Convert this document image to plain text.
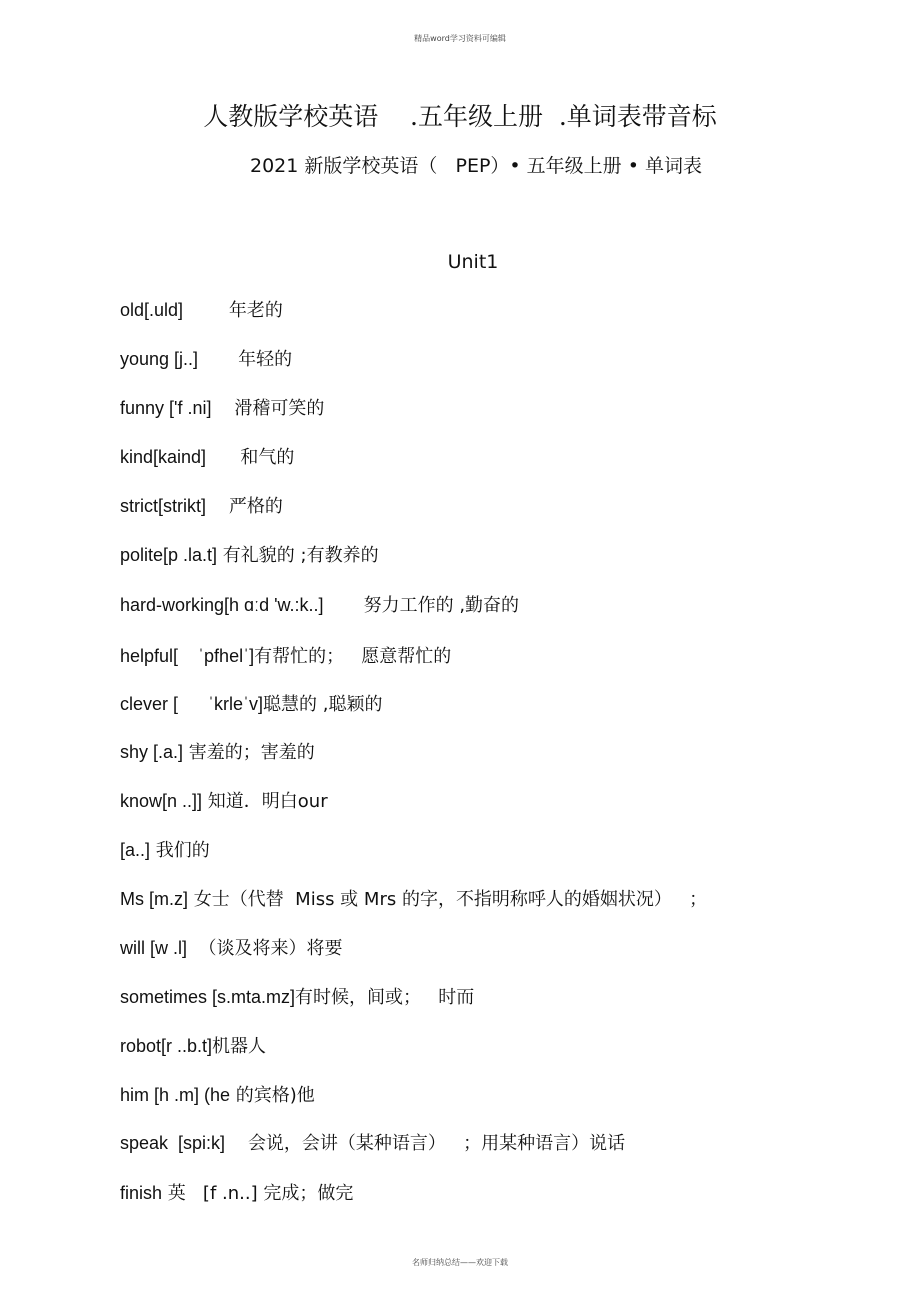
精品word学习资料可编辑
人教版学校英语    .五年级上册  .单词表带音标
2021 新版学校英语（   PEP）• 五年级上册 • 单词表
Unit1
old[.uld]	年老的
young [j..] 年轻的
funny ['f .ni] 滑稽可笑的
kind[kaind] 和气的
strict[strikt] 严格的
polite[p .la.t] 有礼貌的 ;有教养的
hard-working[h ɑːd 'w.:k..] 努力工作的 ,勤奋的
helpful[    ˈpfhelˈ]有帮忙的；   愿意帮忙的
clever [      ˈkrleˈv]聪慧的 ,聪颖的
shy [.a.] 害羞的；害羞的
know[n ..]] 知道．明白our
[a..] 我们的
Ms [m.z] 女士（代替  Miss 或 Mrs 的字，不指明称呼人的婚姻状况）   ；
will [w .l] （谈及将来）将要
sometimes [s.mta.mz]有时候，间或；   时而
robot[r ..b.t]机器人
him [h .m] (he 的宾格)他
speak  [spi:k] 会说，会讲（某种语言）   ；用某种语言）说话
finish 英   [f .n..] 完成；做完
名师归纳总结——欢迎下载
